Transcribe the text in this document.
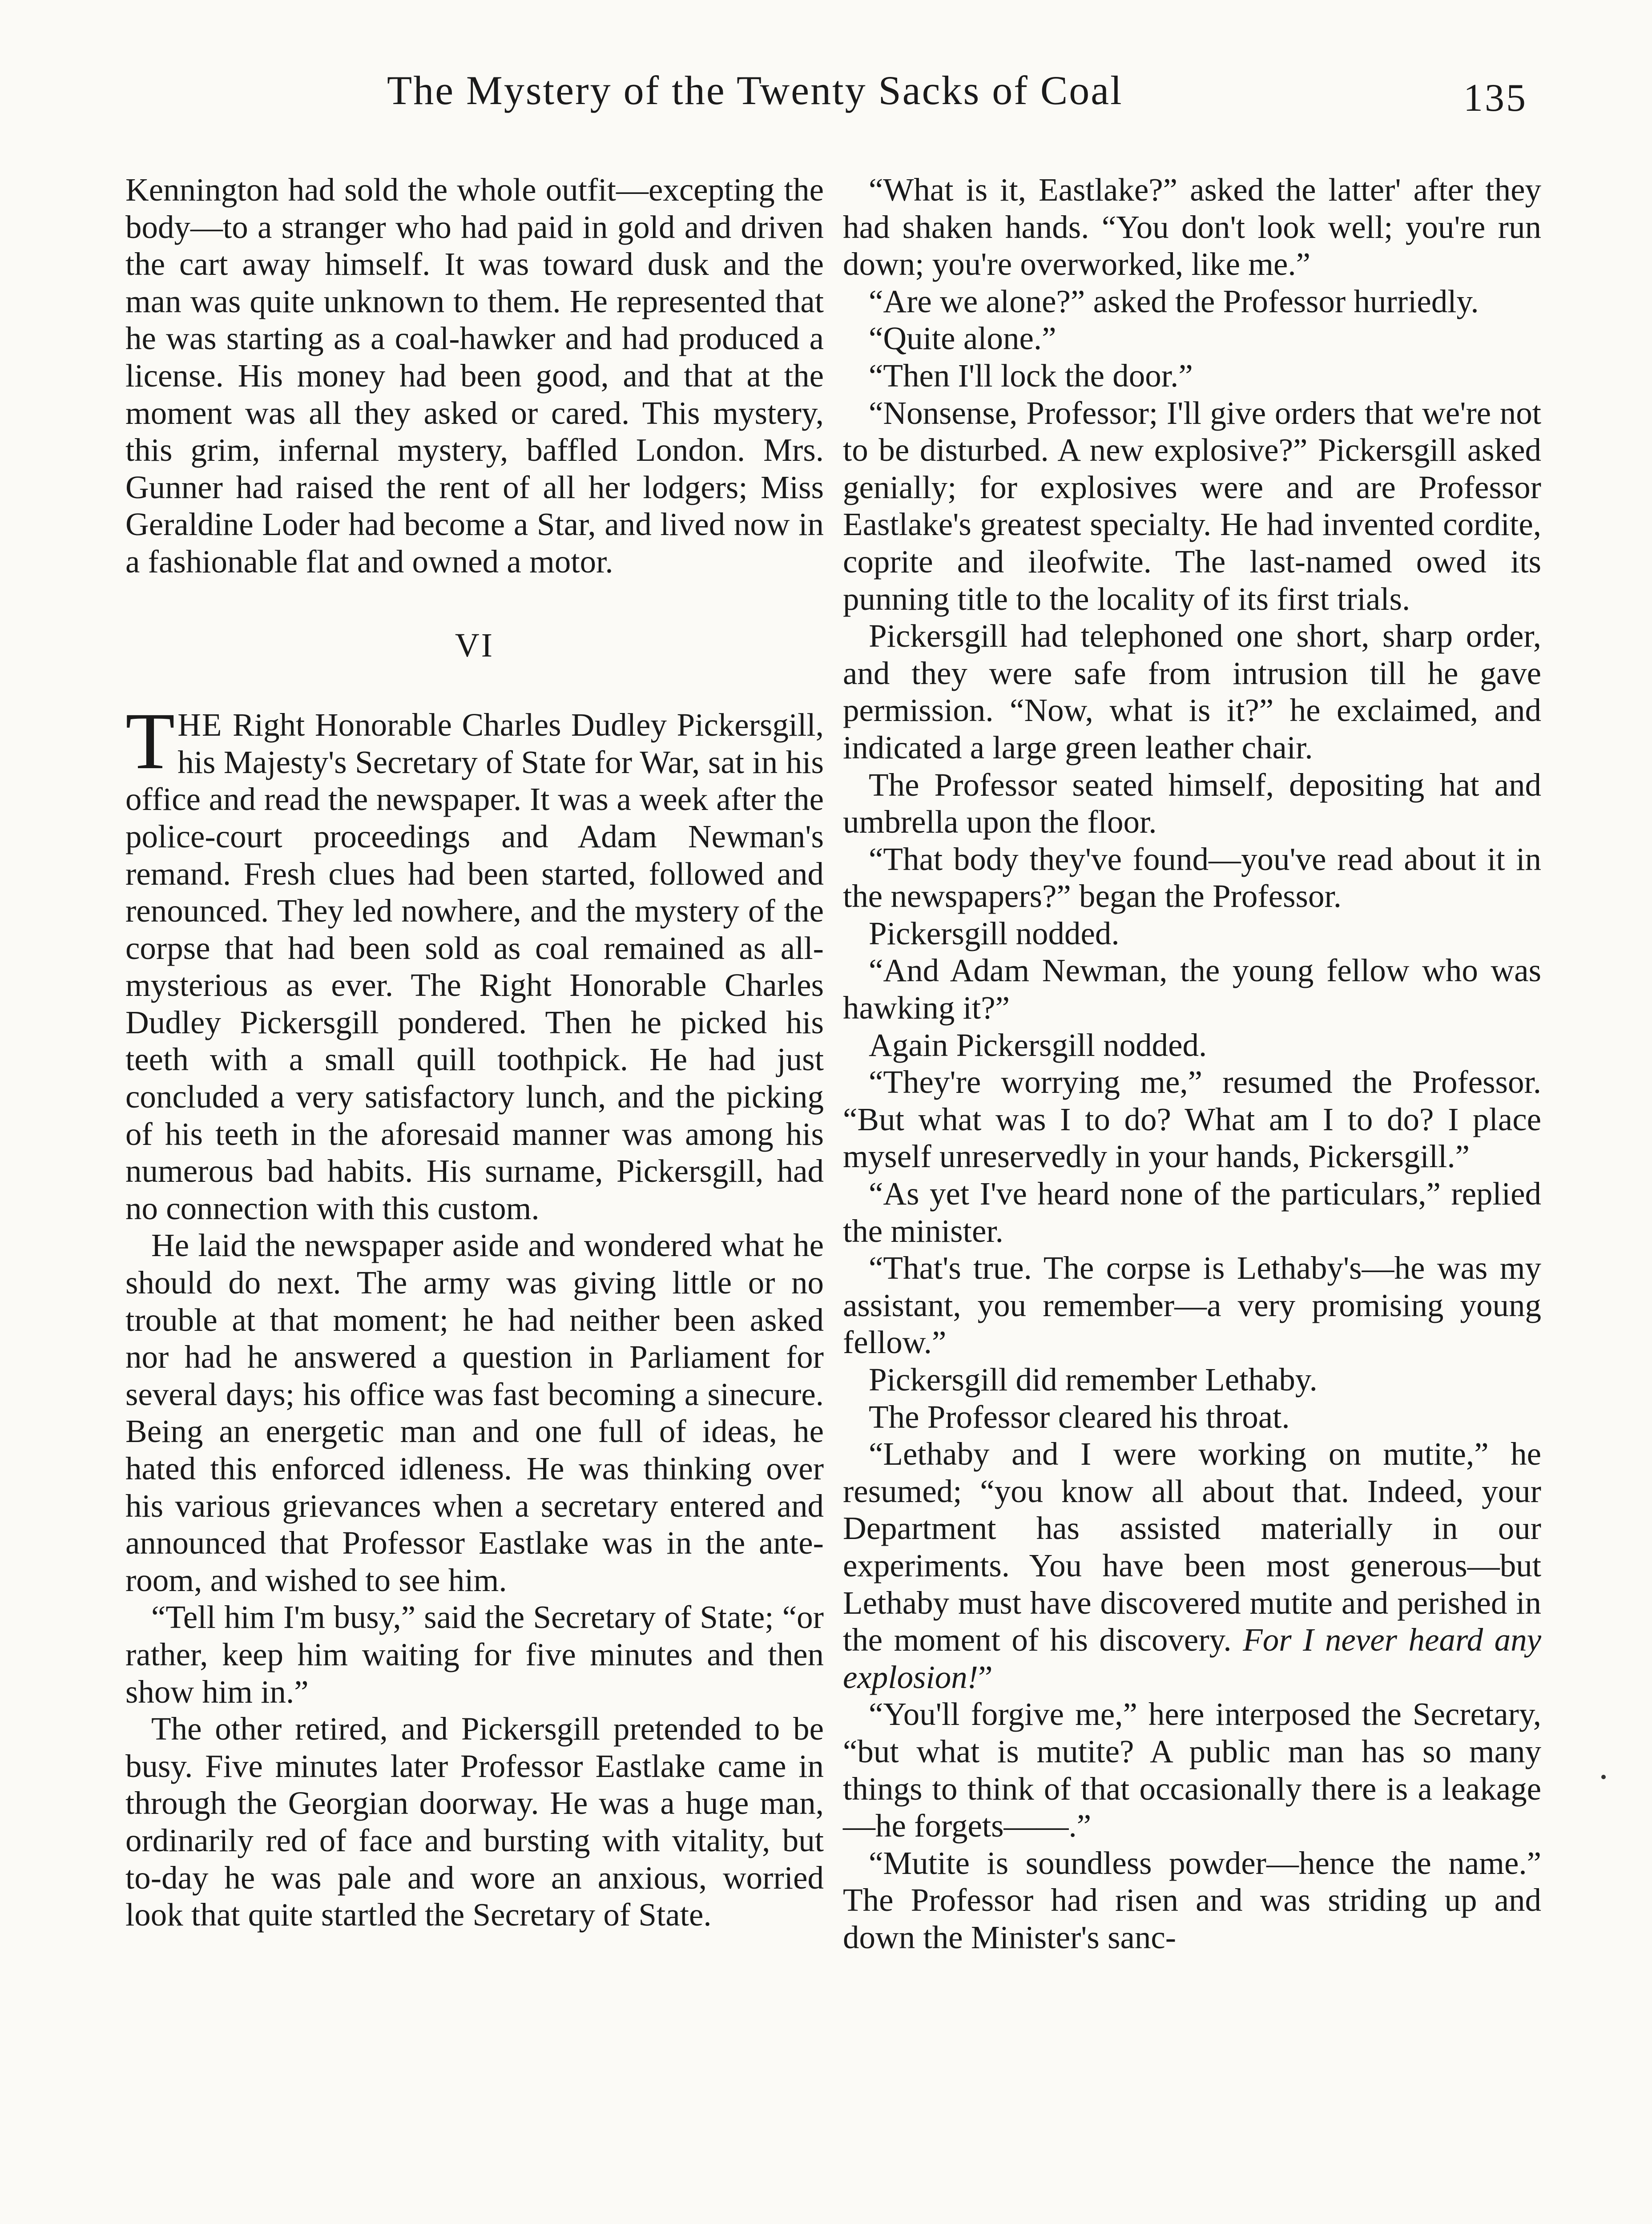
The Mystery of the Twenty Sacks of Coal	135

Kennington had sold the whole outfit—excepting the body—to a stranger who had paid in gold and driven the cart away himself. It was toward dusk and the man was quite unknown to them. He represented that he was starting as a coal-hawker and had produced a license. His money had been good, and that at the moment was all they asked or cared. This mystery, this grim, infernal mystery, baffled London. Mrs. Gunner had raised the rent of all her lodgers; Miss Geraldine Loder had become a Star, and lived now in a fashionable flat and owned a motor.

VI

THE Right Honorable Charles Dudley Pickersgill, his Majesty's Secretary of State for War, sat in his office and read the newspaper. It was a week after the police-court proceedings and Adam Newman's remand. Fresh clues had been started, followed and renounced. They led nowhere, and the mystery of the corpse that had been sold as coal remained as all-mysterious as ever. The Right Honorable Charles Dudley Pickersgill pondered. Then he picked his teeth with a small quill toothpick. He had just concluded a very satisfactory lunch, and the picking of his teeth in the aforesaid manner was among his numerous bad habits. His surname, Pickersgill, had no connection with this custom.

He laid the newspaper aside and wondered what he should do next. The army was giving little or no trouble at that moment; he had neither been asked nor had he answered a question in Parliament for several days; his office was fast becoming a sinecure. Being an energetic man and one full of ideas, he hated this enforced idleness. He was thinking over his various grievances when a secretary entered and announced that Professor Eastlake was in the ante-room, and wished to see him.

“Tell him I'm busy,” said the Secretary of State; “or rather, keep him waiting for five minutes and then show him in.”

The other retired, and Pickersgill pretended to be busy. Five minutes later Professor Eastlake came in through the Georgian doorway. He was a huge man, ordinarily red of face and bursting with vitality, but to-day he was pale and wore an anxious, worried look that quite startled the Secretary of State.

“What is it, Eastlake?” asked the latter' after they had shaken hands. “You don't look well; you're run down; you're overworked, like me.”

“Are we alone?” asked the Professor hurriedly.

“Quite alone.”

“Then I'll lock the door.”

“Nonsense, Professor; I'll give orders that we're not to be disturbed. A new explosive?” Pickersgill asked genially; for explosives were and are Professor Eastlake's greatest specialty. He had invented cordite, coprite and ileofwite. The last-named owed its punning title to the locality of its first trials.

Pickersgill had telephoned one short, sharp order, and they were safe from intrusion till he gave permission. “Now, what is it?” he exclaimed, and indicated a large green leather chair.

The Professor seated himself, depositing hat and umbrella upon the floor.

“That body they've found—you've read about it in the newspapers?” began the Professor.

Pickersgill nodded.

“And Adam Newman, the young fellow who was hawking it?”

Again Pickersgill nodded.

“They're worrying me,” resumed the Professor. “But what was I to do? What am I to do? I place myself unreservedly in your hands, Pickersgill.”

“As yet I've heard none of the particulars,” replied the minister.

“That's true. The corpse is Lethaby's—he was my assistant, you remember—a very promising young fellow.”

Pickersgill did remember Lethaby.

The Professor cleared his throat.

“Lethaby and I were working on mutite,” he resumed; “you know all about that. Indeed, your Department has assisted materially in our experiments. You have been most generous—but Lethaby must have discovered mutite and perished in the moment of his discovery. For I never heard any explosion!”

“You'll forgive me,” here interposed the Secretary, “but what is mutite? A public man has so many things to think of that occasionally there is a leakage—he forgets——.”

“Mutite is soundless powder—hence the name.” The Professor had risen and was striding up and down the Minister's sanc-
